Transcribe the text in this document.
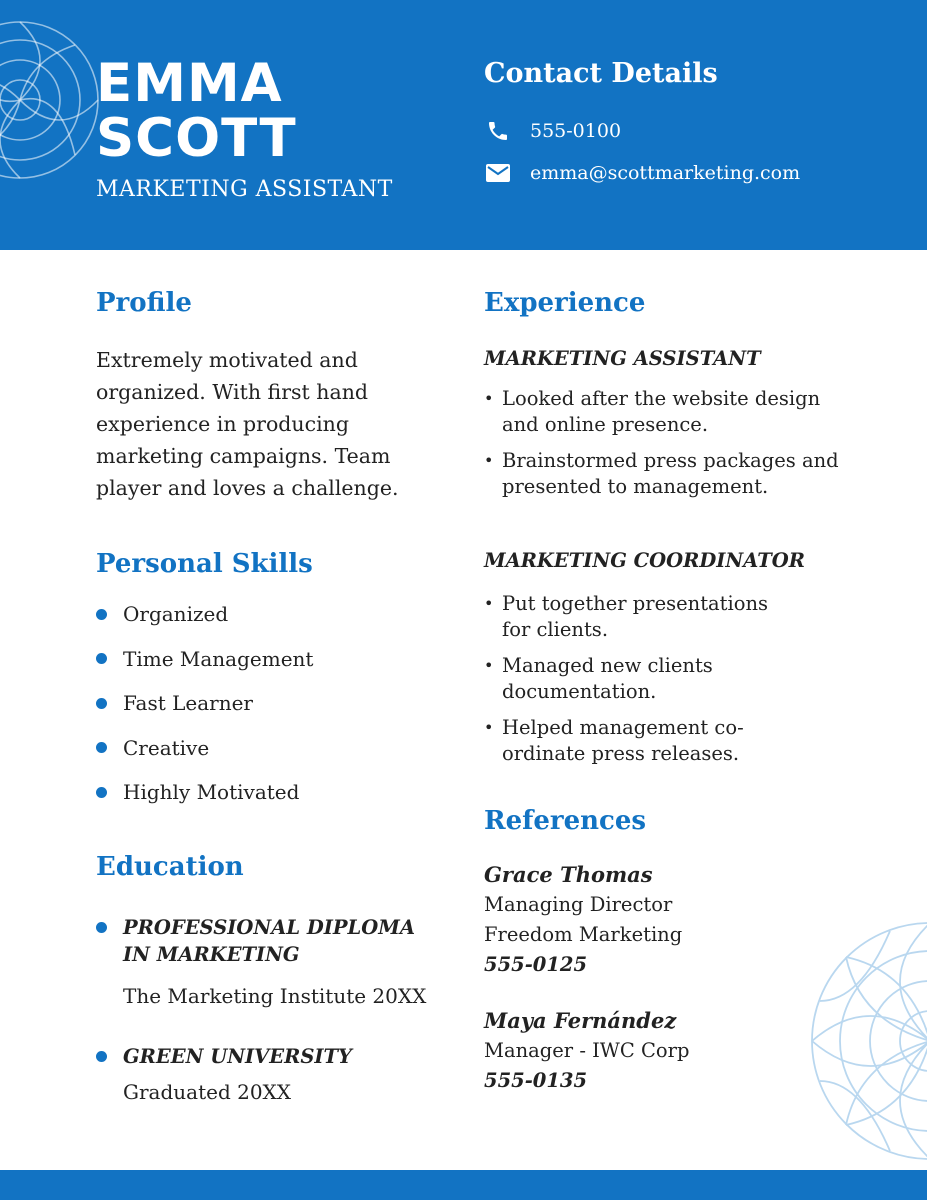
EMMA
SCOTT
MARKETING ASSISTANT
Contact Details
555-0100
emma@scottmarketing.com
Profile

Extremely motivated and organized. With first hand experience in producing marketing campaigns. Team player and loves a challenge.

Personal Skills
Organized
Time Management
Fast Learner
Creative
Highly Motivated
Education
PROFESSIONAL DIPLOMA
IN MARKETING
The Marketing Institute 20XX
GREEN UNIVERSITY
Graduated 20XX
Experience
MARKETING ASSISTANT
• Looked after the website design and online presence.
• Brainstormed press packages and presented to management.
MARKETING COORDINATOR
• Put together presentations for clients.
• Managed new clients documentation.
• Helped management co-ordinate press releases.
References
Grace Thomas
Managing Director
Freedom Marketing
555-0125
Maya Fernández
Manager - IWC Corp
555-0135
